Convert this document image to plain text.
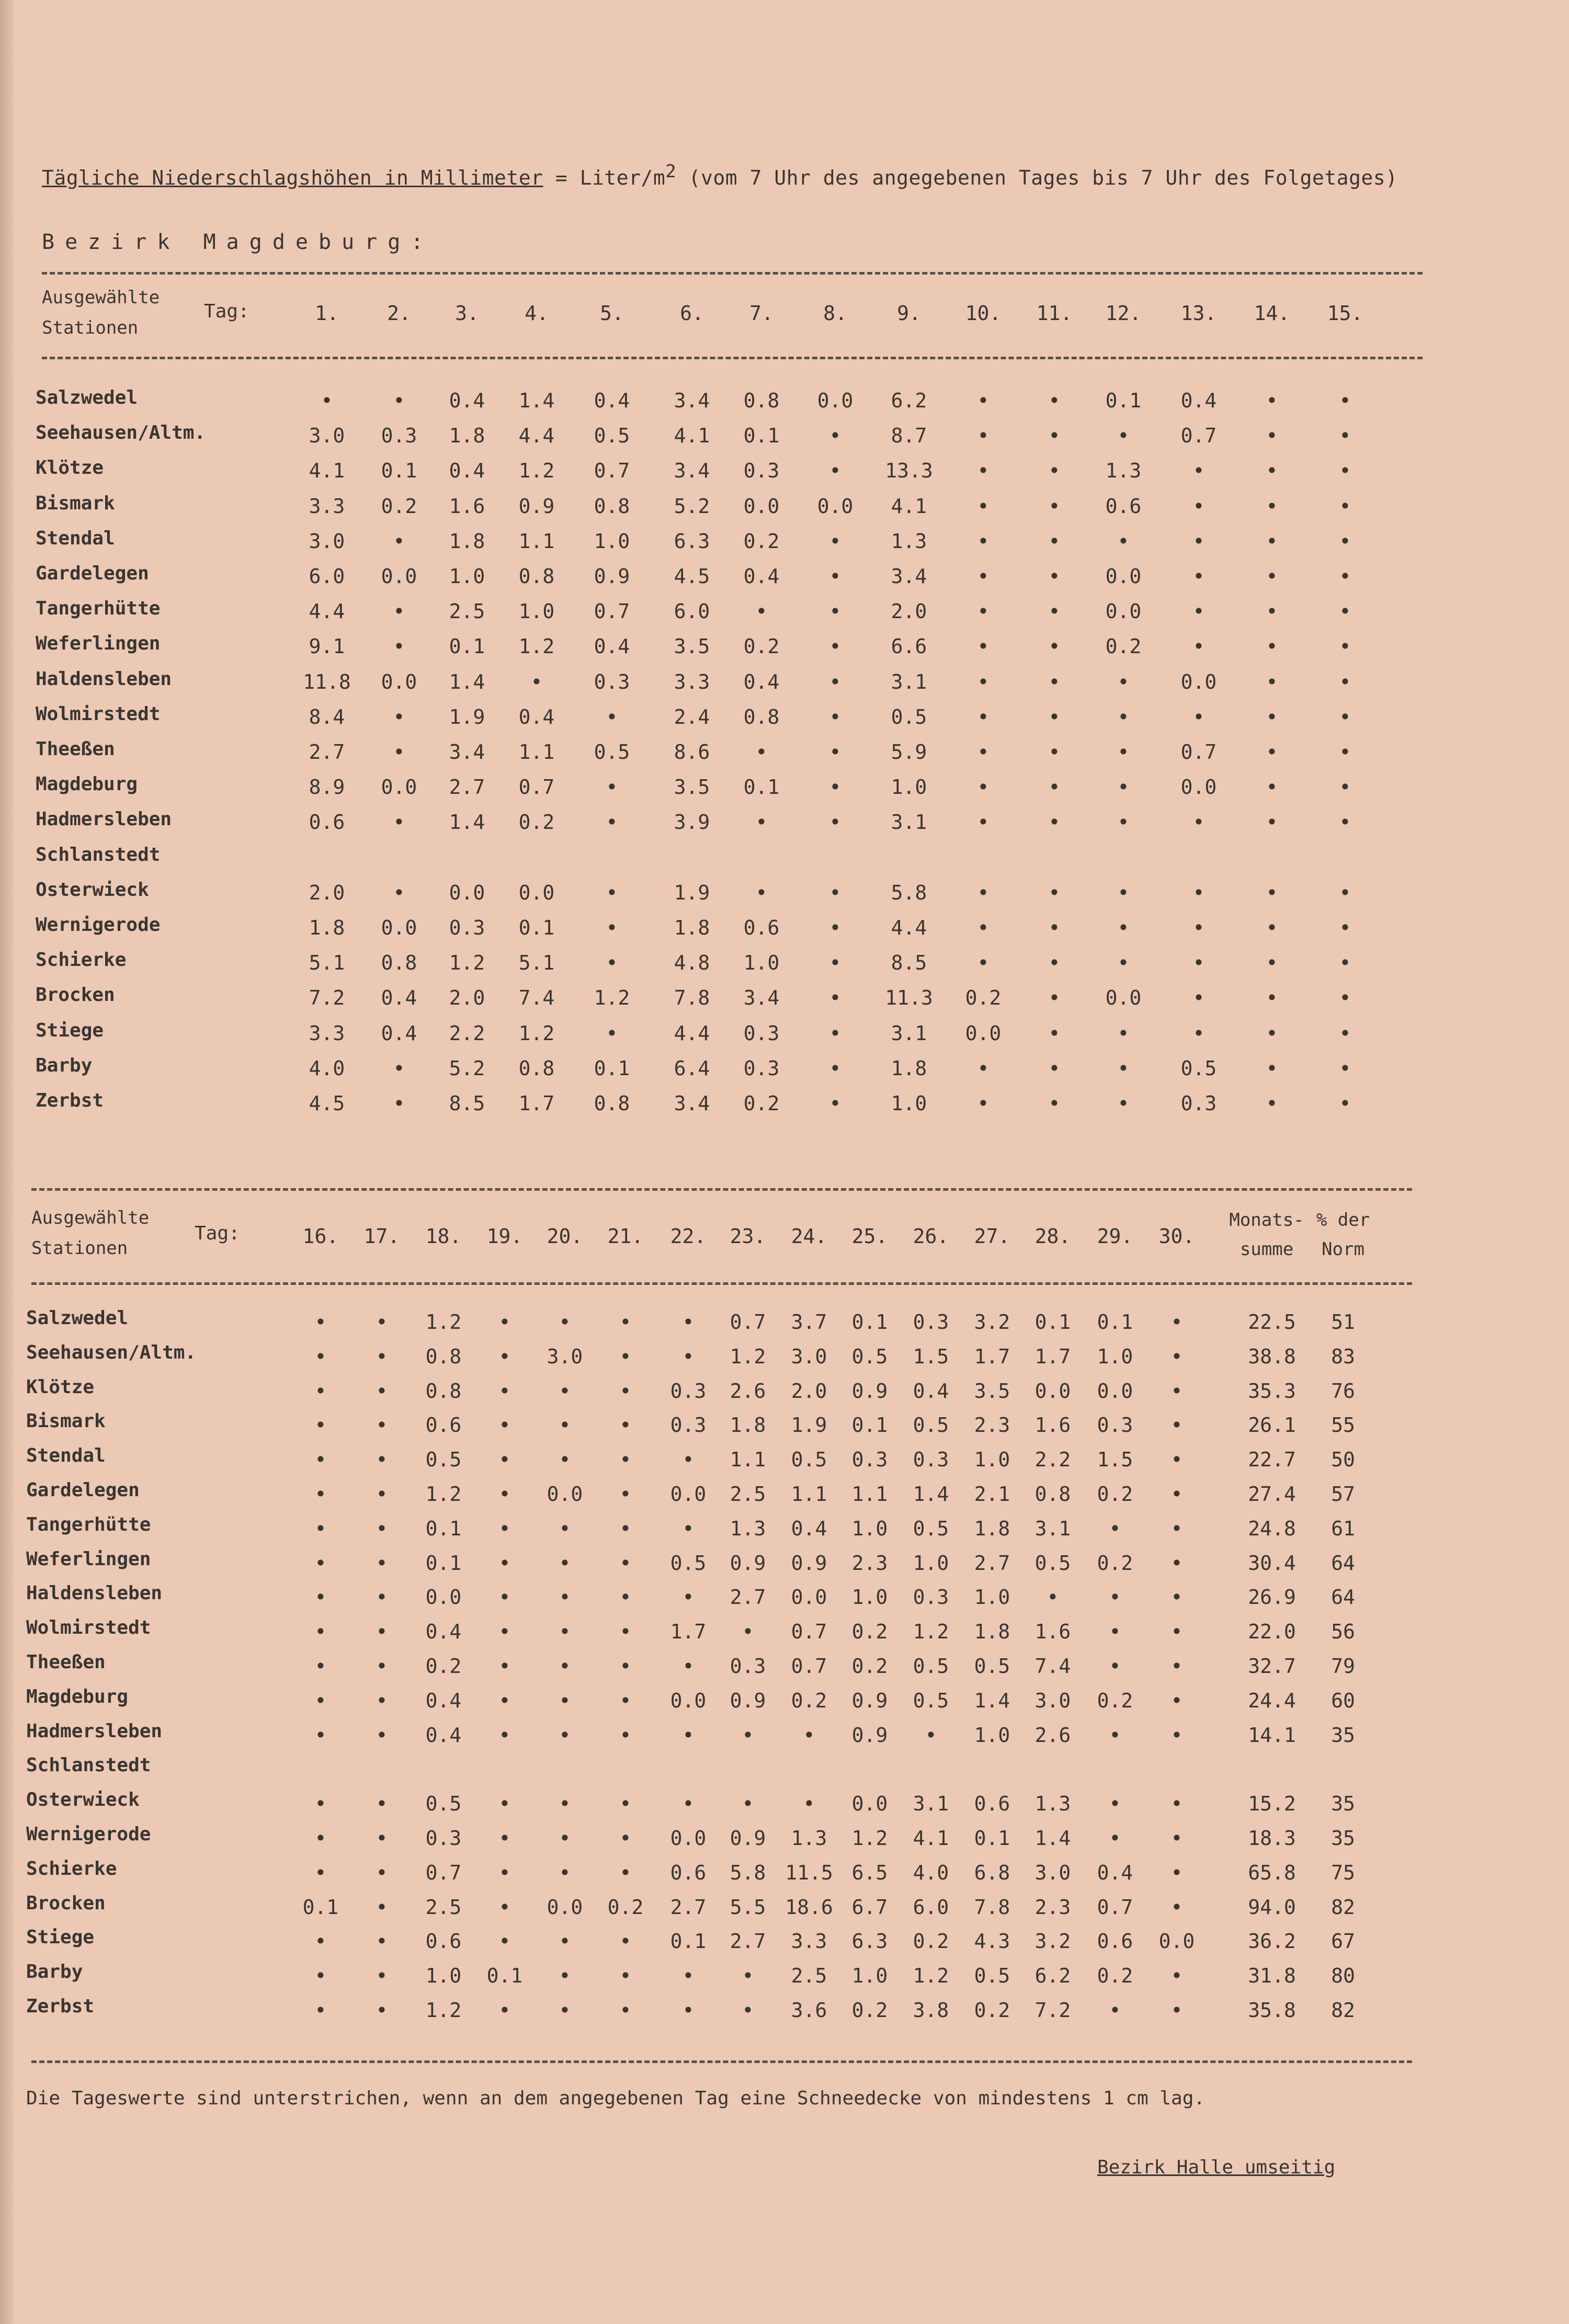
Tägliche Niederschlagshöhen in Millimeter = Liter/$m^2$ (vom 7 Uhr des angegebenen Tages bis 7 Uhr des Folgetages)
Bezirk Magdeburg:
Ausgewählte
Stationen
Tag:	1.	2.	3.	4.	5.	6.	7.	8.	9.	10.	11.	12.	13.	14.	15.
Salzwedel	•	•	0.4	1.4	0.4	3.4	0.8	0.0	6.2	•	•	0.1	0.4	•	•
Seehausen/Altm.	3.0	0.3	1.8	4.4	0.5	4.1	0.1	•	8.7	•	•	•	0.7	•	•
Klötze	4.1	0.1	0.4	1.2	0.7	3.4	0.3	•	13.3	•	•	1.3	•	•	•
Bismark	3.3	0.2	1.6	0.9	0.8	5.2	0.0	0.0	4.1	•	•	0.6	•	•	•
Stendal	3.0	•	1.8	1.1	1.0	6.3	0.2	•	1.3	•	•	•	•	•	•
Gardelegen	6.0	0.0	1.0	0.8	0.9	4.5	0.4	•	3.4	•	•	0.0	•	•	•
Tangerhütte	4.4	•	2.5	1.0	0.7	6.0	•	•	2.0	•	•	0.0	•	•	•
Weferlingen	9.1	•	0.1	1.2	0.4	3.5	0.2	•	6.6	•	•	0.2	•	•	•
Haldensleben	11.8	0.0	1.4	•	0.3	3.3	0.4	•	3.1	•	•	•	0.0	•	•
Wolmirstedt	8.4	•	1.9	0.4	•	2.4	0.8	•	0.5	•	•	•	•	•	•
Theeßen	2.7	•	3.4	1.1	0.5	8.6	•	•	5.9	•	•	•	0.7	•	•
Magdeburg	8.9	0.0	2.7	0.7	•	3.5	0.1	•	1.0	•	•	•	0.0	•	•
Hadmersleben	0.6	•	1.4	0.2	•	3.9	•	•	3.1	•	•	•	•	•	•
Schlanstedt
Osterwieck	2.0	•	0.0	0.0	•	1.9	•	•	5.8	•	•	•	•	•	•
Wernigerode	1.8	0.0	0.3	0.1	•	1.8	0.6	•	4.4	•	•	•	•	•	•
Schierke	5.1	0.8	1.2	5.1	•	4.8	1.0	•	8.5	•	•	•	•	•	•
Brocken	7.2	0.4	2.0	7.4	1.2	7.8	3.4	•	11.3	0.2	•	0.0	•	•	•
Stiege	3.3	0.4	2.2	1.2	•	4.4	0.3	•	3.1	0.0	•	•	•	•	•
Barby	4.0	•	5.2	0.8	0.1	6.4	0.3	•	1.8	•	•	•	0.5	•	•
Zerbst	4.5	•	8.5	1.7	0.8	3.4	0.2	•	1.0	•	•	•	0.3	•	•
Ausgewählte
Stationen
Tag:	16.	17.	18.	19.	20.	21.	22.	23.	24.	25.	26.	27.	28.	29.	30.
Monats-
summe
% der
Norm
Salzwedel	•	•	1.2	•	•	•	•	0.7	3.7	0.1	0.3	3.2	0.1	0.1	•	22.5	51
Seehausen/Altm.	•	•	0.8	•	3.0	•	•	1.2	3.0	0.5	1.5	1.7	1.7	1.0	•	38.8	83
Klötze	•	•	0.8	•	•	•	0.3	2.6	2.0	0.9	0.4	3.5	0.0	0.0	•	35.3	76
Bismark	•	•	0.6	•	•	•	0.3	1.8	1.9	0.1	0.5	2.3	1.6	0.3	•	26.1	55
Stendal	•	•	0.5	•	•	•	•	1.1	0.5	0.3	0.3	1.0	2.2	1.5	•	22.7	50
Gardelegen	•	•	1.2	•	0.0	•	0.0	2.5	1.1	1.1	1.4	2.1	0.8	0.2	•	27.4	57
Tangerhütte	•	•	0.1	•	•	•	•	1.3	0.4	1.0	0.5	1.8	3.1	•	•	24.8	61
Weferlingen	•	•	0.1	•	•	•	0.5	0.9	0.9	2.3	1.0	2.7	0.5	0.2	•	30.4	64
Haldensleben	•	•	0.0	•	•	•	•	2.7	0.0	1.0	0.3	1.0	•	•	•	26.9	64
Wolmirstedt	•	•	0.4	•	•	•	1.7	•	0.7	0.2	1.2	1.8	1.6	•	•	22.0	56
Theeßen	•	•	0.2	•	•	•	•	0.3	0.7	0.2	0.5	0.5	7.4	•	•	32.7	79
Magdeburg	•	•	0.4	•	•	•	0.0	0.9	0.2	0.9	0.5	1.4	3.0	0.2	•	24.4	60
Hadmersleben	•	•	0.4	•	•	•	•	•	•	0.9	•	1.0	2.6	•	•	14.1	35
Schlanstedt
Osterwieck	•	•	0.5	•	•	•	•	•	•	0.0	3.1	0.6	1.3	•	•	15.2	35
Wernigerode	•	•	0.3	•	•	•	0.0	0.9	1.3	1.2	4.1	0.1	1.4	•	•	18.3	35
Schierke	•	•	0.7	•	•	•	0.6	5.8 11.5 6.5	4.0	6.8	3.0	0.4	•	65.8	75
Brocken	0.1	•	2.5	•	0.0	0.2	2.7	5.5 18.6 6.7	6.0	7.8	2.3	0.7	•	94.0	82
Stiege	•	•	0.6	•	•	•	0.1	2.7	3.3	6.3	0.2	4.3	3.2	0.6	0.0	36.2	67
Barby	•	•	1.0	0.1	•	•	•	•	2.5	1.0	1.2	0.5	6.2	0.2	•	31.8	80
Zerbst	•	•	1.2	•	•	•	•	•	3.6	0.2	3.8	0.2	7.2	•	•	35.8	82
Die Tageswerte sind unterstrichen, wenn an dem angegebenen Tag eine Schneedecke von mindestens 1 cm lag.
Bezirk Halle umseitig
